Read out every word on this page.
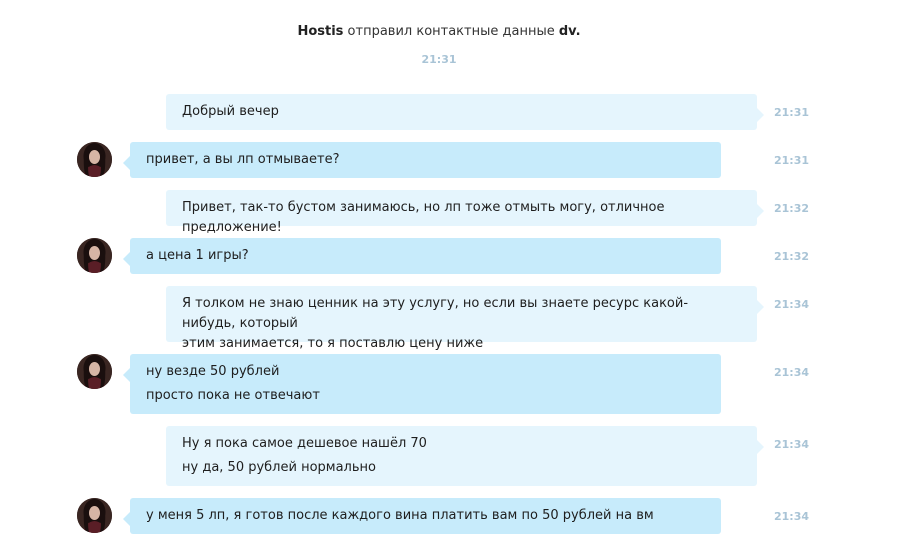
Hostis отправил контактные данные dv.
21:31
Добрый вечер	21:31
привет, а вы лп отмываете?	21:31
Привет, так-то бустом занимаюсь, но лп тоже отмыть могу, отличное предложение!
21:32
а цена 1 игры?	21:32
Я толком не знаю ценник на эту услугу, но если вы знаете ресурс какой-нибудь, который
этим занимается, то я поставлю цену ниже
21:34
ну везде 50 рублей
просто пока не отвечают
21:34
Ну я пока самое дешевое нашёл 70
ну да, 50 рублей нормально
21:34
у меня 5 лп, я готов после каждого вина платить вам по 50 рублей на вм	21:34
